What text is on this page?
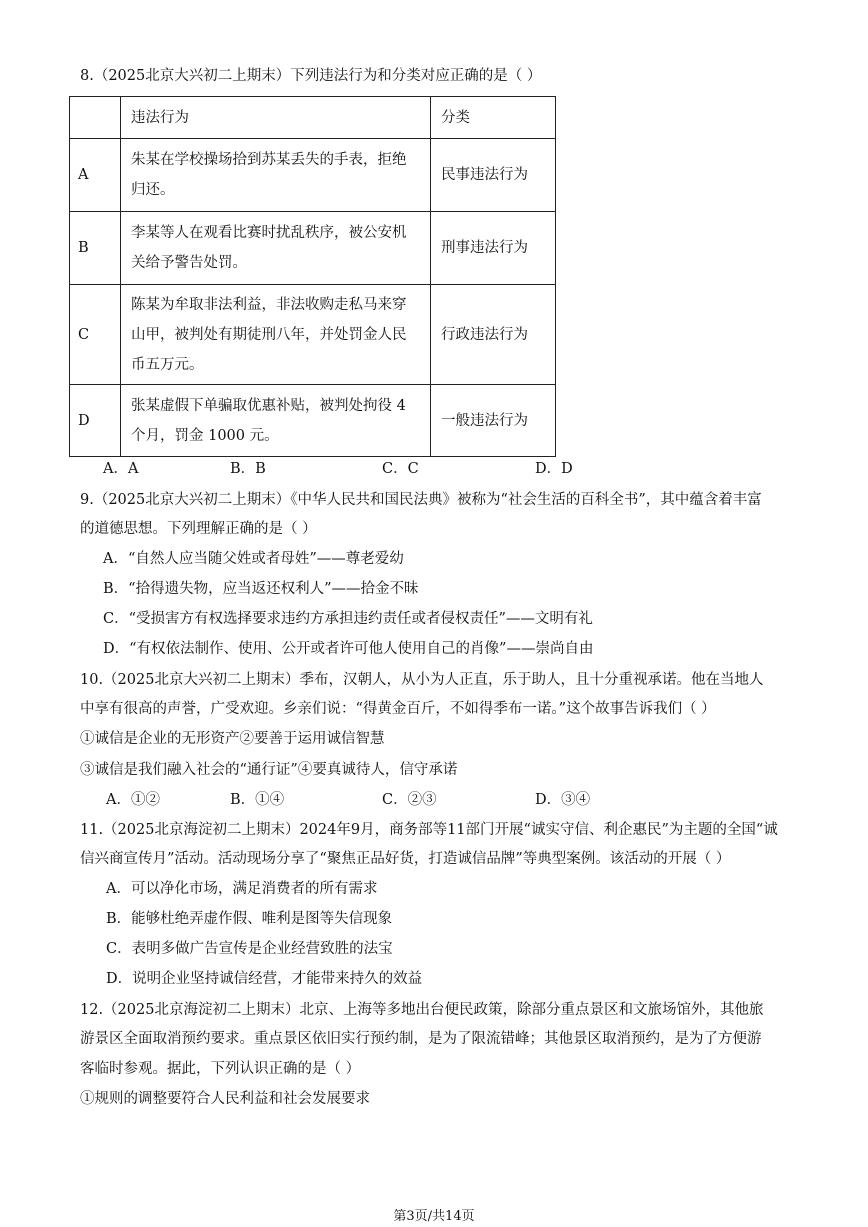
8.（2025北京大兴初二上期末）下列违法行为和分类对应正确的是（ ）
	违法行为	分类
A	朱某在学校操场拾到苏某丢失的手表，拒绝
归还。	民事违法行为
B	李某等人在观看比赛时扰乱秩序，被公安机
关给予警告处罚。	刑事违法行为
C	陈某为牟取非法利益，非法收购走私马来穿
山甲，被判处有期徒刑八年，并处罚金人民
币五万元。	行政违法行为
D	张某虚假下单骗取优惠补贴，被判处拘役 4
个月，罚金 1000 元。	一般违法行为
A．A	B．B	C．C	D．D
9.（2025北京大兴初二上期末）《中华人民共和国民法典》被称为“社会生活的百科全书”，其中蕴含着丰富
的道德思想。下列理解正确的是（ ）
A．“自然人应当随父姓或者母姓”——尊老爱幼
B．“拾得遗失物，应当返还权利人”——拾金不昧
C．“受损害方有权选择要求违约方承担违约责任或者侵权责任”——文明有礼
D．“有权依法制作、使用、公开或者许可他人使用自己的肖像”——崇尚自由
10.（2025北京大兴初二上期末）季布，汉朝人，从小为人正直，乐于助人，且十分重视承诺。他在当地人
中享有很高的声誉，广受欢迎。乡亲们说：“得黄金百斤，不如得季布一诺。”这个故事告诉我们（ ）
①诚信是企业的无形资产②要善于运用诚信智慧
③诚信是我们融入社会的“通行证”④要真诚待人，信守承诺
A．①②	B．①④	C．②③	D．③④
11.（2025北京海淀初二上期末）2024年9月，商务部等11部门开展“诚实守信、利企惠民”为主题的全国“诚
信兴商宣传月”活动。活动现场分享了“聚焦正品好货，打造诚信品牌”等典型案例。该活动的开展（ ）
A．可以净化市场，满足消费者的所有需求
B．能够杜绝弄虚作假、唯利是图等失信现象
C．表明多做广告宣传是企业经营致胜的法宝
D．说明企业坚持诚信经营，才能带来持久的效益
12.（2025北京海淀初二上期末）北京、上海等多地出台便民政策，除部分重点景区和文旅场馆外，其他旅
游景区全面取消预约要求。重点景区依旧实行预约制，是为了限流错峰；其他景区取消预约，是为了方便游
客临时参观。据此，下列认识正确的是（ ）
①规则的调整要符合人民利益和社会发展要求
第3页/共14页
